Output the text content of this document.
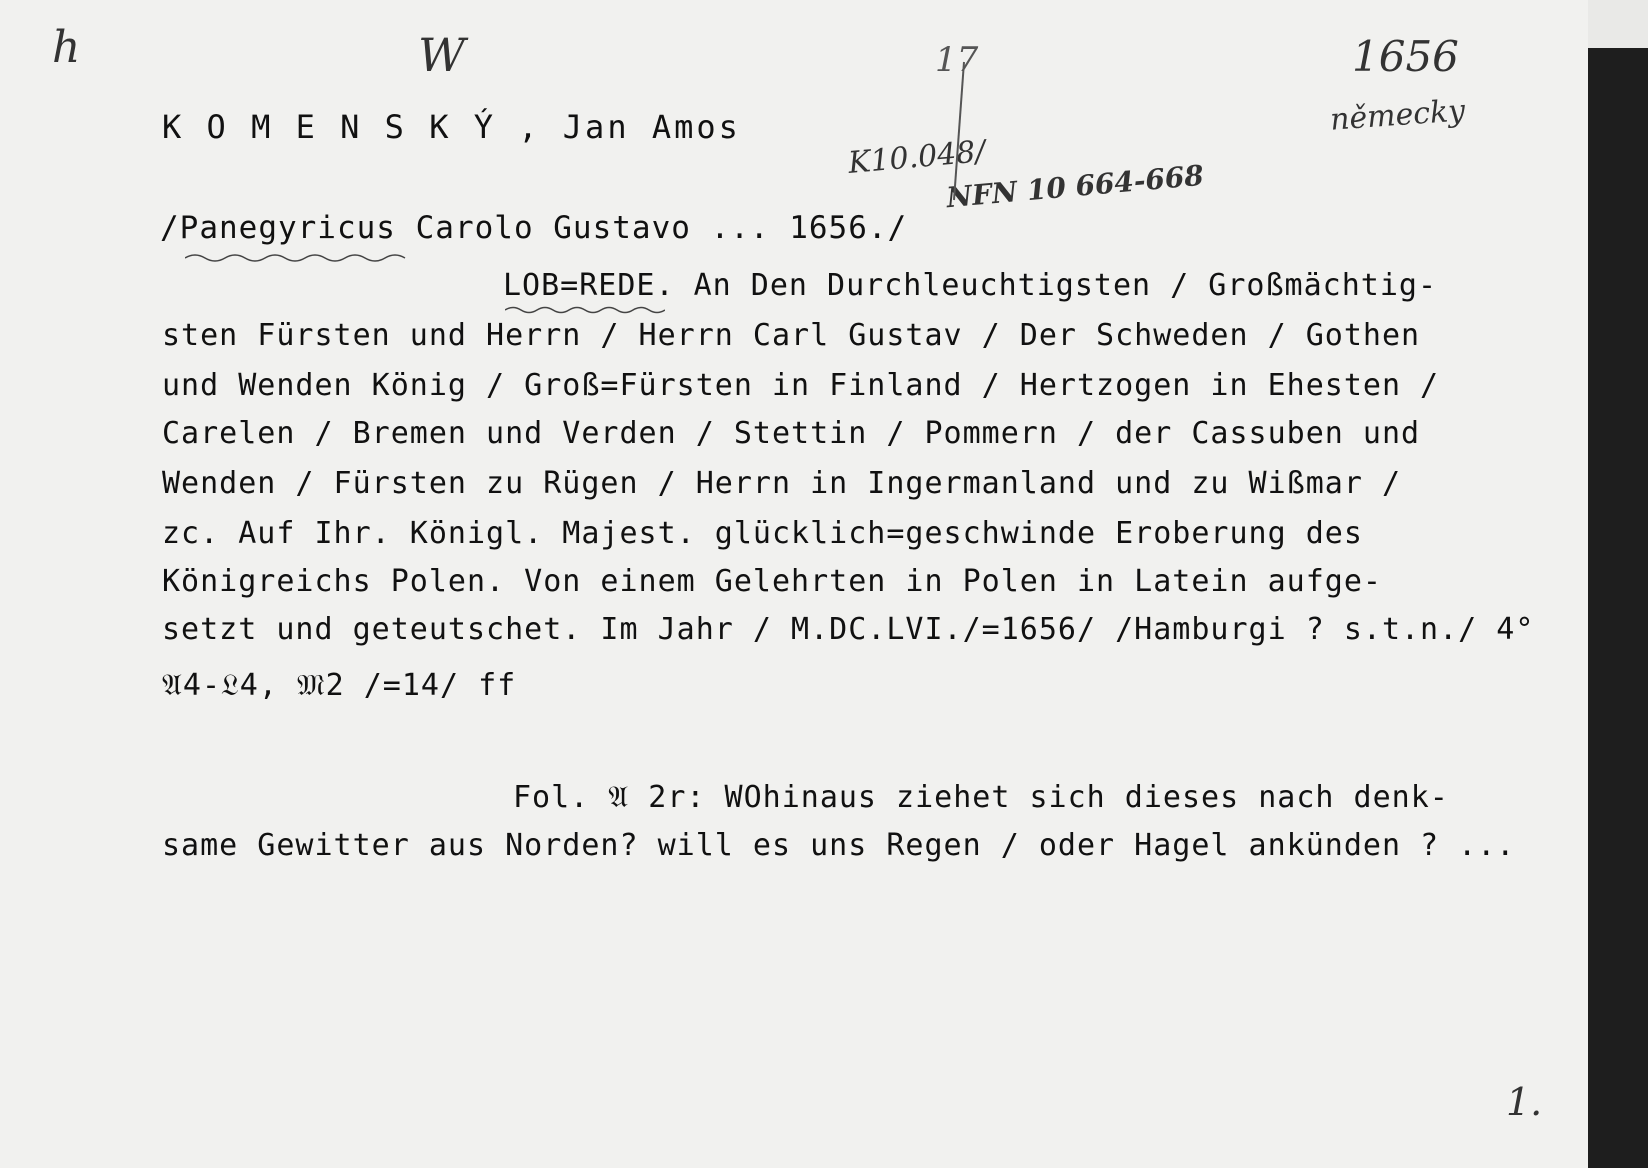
h	W	17	1656
německy
K10.048/
NFN 10 664-668
1.
K O M E N S K Ý , Jan Amos
/Panegyricus Carolo Gustavo ... 1656./
LOB=REDE. An Den Durchleuchtigsten / Großmächtig-
sten Fürsten und Herrn / Herrn Carl Gustav / Der Schweden / Gothen
und Wenden König / Groß=Fürsten in Finland / Hertzogen in Ehesten /
Carelen / Bremen und Verden / Stettin / Pommern / der Cassuben und
Wenden / Fürsten zu Rügen / Herrn in Ingermanland und zu Wißmar /
zc. Auf Ihr. Königl. Majest. glücklich=geschwinde Eroberung des
Königreichs Polen. Von einem Gelehrten in Polen in Latein aufge-
setzt und geteutschet. Im Jahr / M.DC.LVI./=1656/ /Hamburgi ? s.t.n./ 4°
𝔄4-𝔏4, 𝔐2 /=14/ ff
Fol. 𝔄 2r: WOhinaus ziehet sich dieses nach denk-
same Gewitter aus Norden? will es uns Regen / oder Hagel ankünden ? ...
